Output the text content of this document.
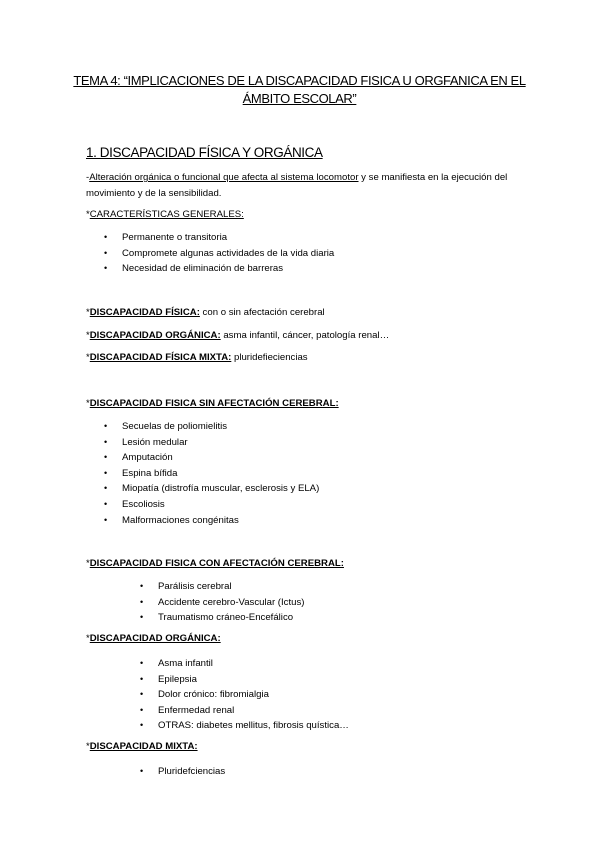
TEMA 4: “IMPLICACIONES DE LA DISCAPACIDAD FISICA U ORGFANICA EN EL
ÁMBITO ESCOLAR”
1. DISCAPACIDAD FÍSICA Y ORGÁNICA
-Alteración orgánica o funcional que afecta al sistema locomotor y se manifiesta en la ejecución del movimiento y de la sensibilidad.
*CARACTERÍSTICAS GENERALES:
• Permanente o transitoria
• Compromete algunas actividades de la vida diaria
• Necesidad de eliminación de barreras
*DISCAPACIDAD FÍSICA: con o sin afectación cerebral
*DISCAPACIDAD ORGÁNICA: asma infantil, cáncer, patología renal…
*DISCAPACIDAD FÍSICA MIXTA: pluridefieciencias
*DISCAPACIDAD FISICA SIN AFECTACIÓN CEREBRAL:
• Secuelas de poliomielitis
• Lesión medular
• Amputación
• Espina bífida
• Miopatía (distrofía muscular, esclerosis y ELA)
• Escoliosis
• Malformaciones congénitas
*DISCAPACIDAD FISICA CON AFECTACIÓN CEREBRAL:
• Parálisis cerebral
• Accidente cerebro-Vascular (Ictus)
• Traumatismo cráneo-Encefálico
*DISCAPACIDAD ORGÁNICA:
• Asma infantil
• Epilepsia
• Dolor crónico: fibromialgia
• Enfermedad renal
• OTRAS: diabetes mellitus, fibrosis quística…
*DISCAPACIDAD MIXTA:
• Pluridefciencias
